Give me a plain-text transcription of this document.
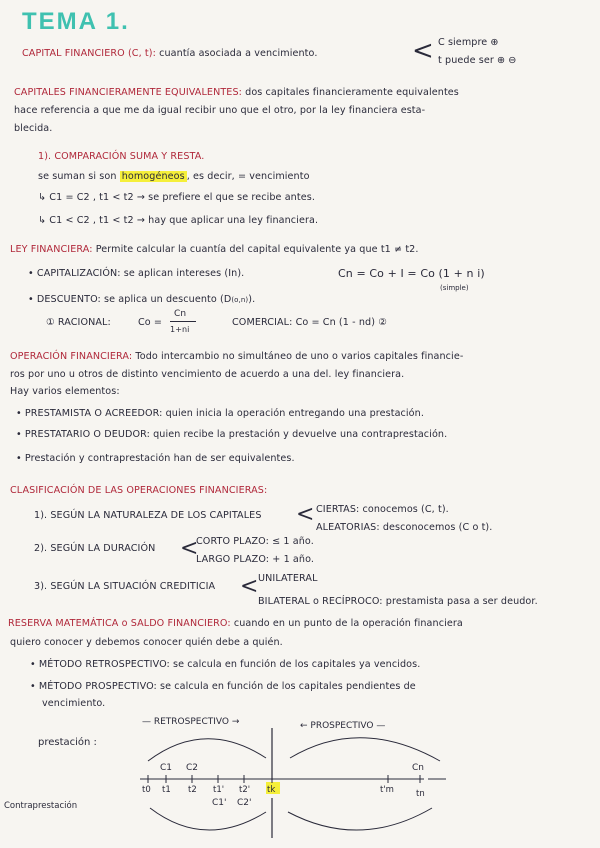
TEMA 1.
CAPITAL FINANCIERO (C, t): cuantía asociada a vencimiento.	< C siempre ⊕
t puede ser ⊕ ⊖
CAPITALES FINANCIERAMENTE EQUIVALENTES: dos capitales financieramente equivalentes
hace referencia a que me da igual recibir uno que el otro, por la ley financiera esta-
blecida.
1). COMPARACIÓN SUMA Y RESTA.
se suman si son homogéneos , es decir, = vencimiento
↳ C1 = C2 , t1 < t2 → se prefiere el que se recibe antes.
↳ C1 < C2 , t1 < t2 → hay que aplicar una ley financiera.
LEY FINANCIERA: Permite calcular la cuantía del capital equivalente ya que t1 ≠ t2.
• CAPITALIZACIÓN: se aplican intereses (In).	Cn = Co + I = Co (1 + n i)
(simple)
• DESCUENTO: se aplica un descuento (D(o,n)).
① RACIONAL:	Co =
Cn
1+ni
COMERCIAL: Co = Cn (1 - nd) ②
OPERACIÓN FINANCIERA: Todo intercambio no simultáneo de uno o varios capitales financie-
ros por uno u otros de distinto vencimiento de acuerdo a una del. ley financiera.
Hay varios elementos:
• PRESTAMISTA O ACREEDOR: quien inicia la operación entregando una prestación.
• PRESTATARIO O DEUDOR: quien recibe la prestación y devuelve una contraprestación.
• Prestación y contraprestación han de ser equivalentes.
CLASIFICACIÓN DE LAS OPERACIONES FINANCIERAS:
1). SEGÚN LA NATURALEZA DE LOS CAPITALES < CIERTAS: conocemos (C, t).
ALEATORIAS: desconocemos (C o t).
2). SEGÚN LA DURACIÓN <
CORTO PLAZO: ≤ 1 año.
LARGO PLAZO: + 1 año.
3). SEGÚN LA SITUACIÓN CREDITICIA < UNILATERAL
BILATERAL o RECÍPROCO: prestamista pasa a ser deudor.
RESERVA MATEMÁTICA o SALDO FINANCIERO: cuando en un punto de la operación financiera
quiero conocer y debemos conocer quién debe a quién.
• MÉTODO RETROSPECTIVO: se calcula en función de los capitales ya vencidos.
• MÉTODO PROSPECTIVO: se calcula en función de los capitales pendientes de
vencimiento.
— RETROSPECTIVO →	← PROSPECTIVO —
prestación :
Contraprestación
C1 C2	Cn
t0 t1 t2 t1' t2' tk	t'm	tn
C1' C2'
